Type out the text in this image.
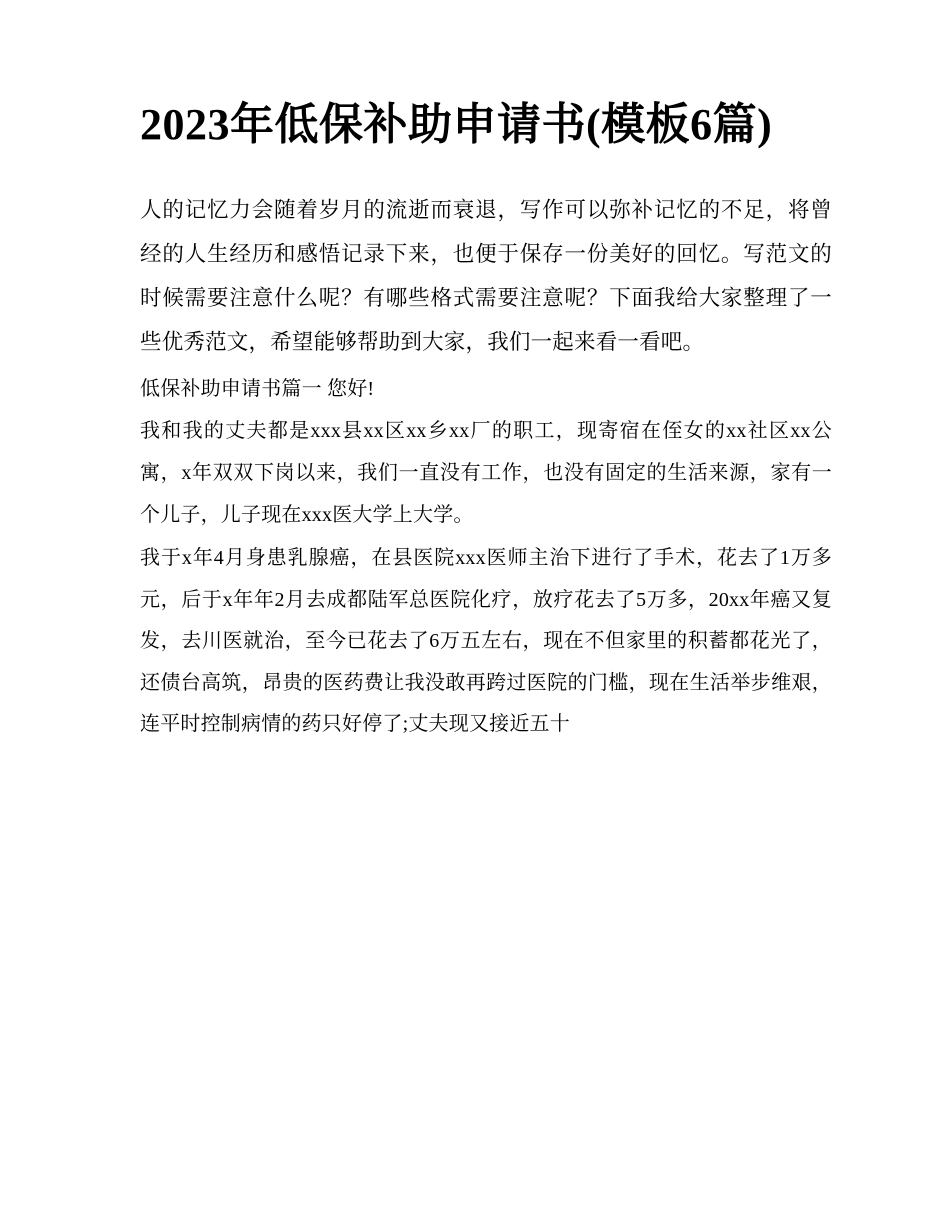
2023年低保补助申请书(模板6篇)

人的记忆力会随着岁月的流逝而衰退，写作可以弥补记忆的不足，将曾经的人生经历和感悟记录下来，也便于保存一份美好的回忆。写范文的时候需要注意什么呢？有哪些格式需要注意呢？下面我给大家整理了一些优秀范文，希望能够帮助到大家，我们一起来看一看吧。

低保补助申请书篇一 您好!

我和我的丈夫都是xxx县xx区xx乡xx厂的职工，现寄宿在侄女的xx社区xx公寓，x年双双下岗以来，我们一直没有工作，也没有固定的生活来源，家有一个儿子，儿子现在xxx医大学上大学。

我于x年4月身患乳腺癌，在县医院xxx医师主治下进行了手术，花去了1万多元，后于x年年2月去成都陆军总医院化疗，放疗花去了5万多，20xx年癌又复发，去川医就治，至今已花去了6万五左右，现在不但家里的积蓄都花光了，还债台高筑，昂贵的医药费让我没敢再跨过医院的门槛，现在生活举步维艰，连平时控制病情的药只好停了;丈夫现又接近五十
